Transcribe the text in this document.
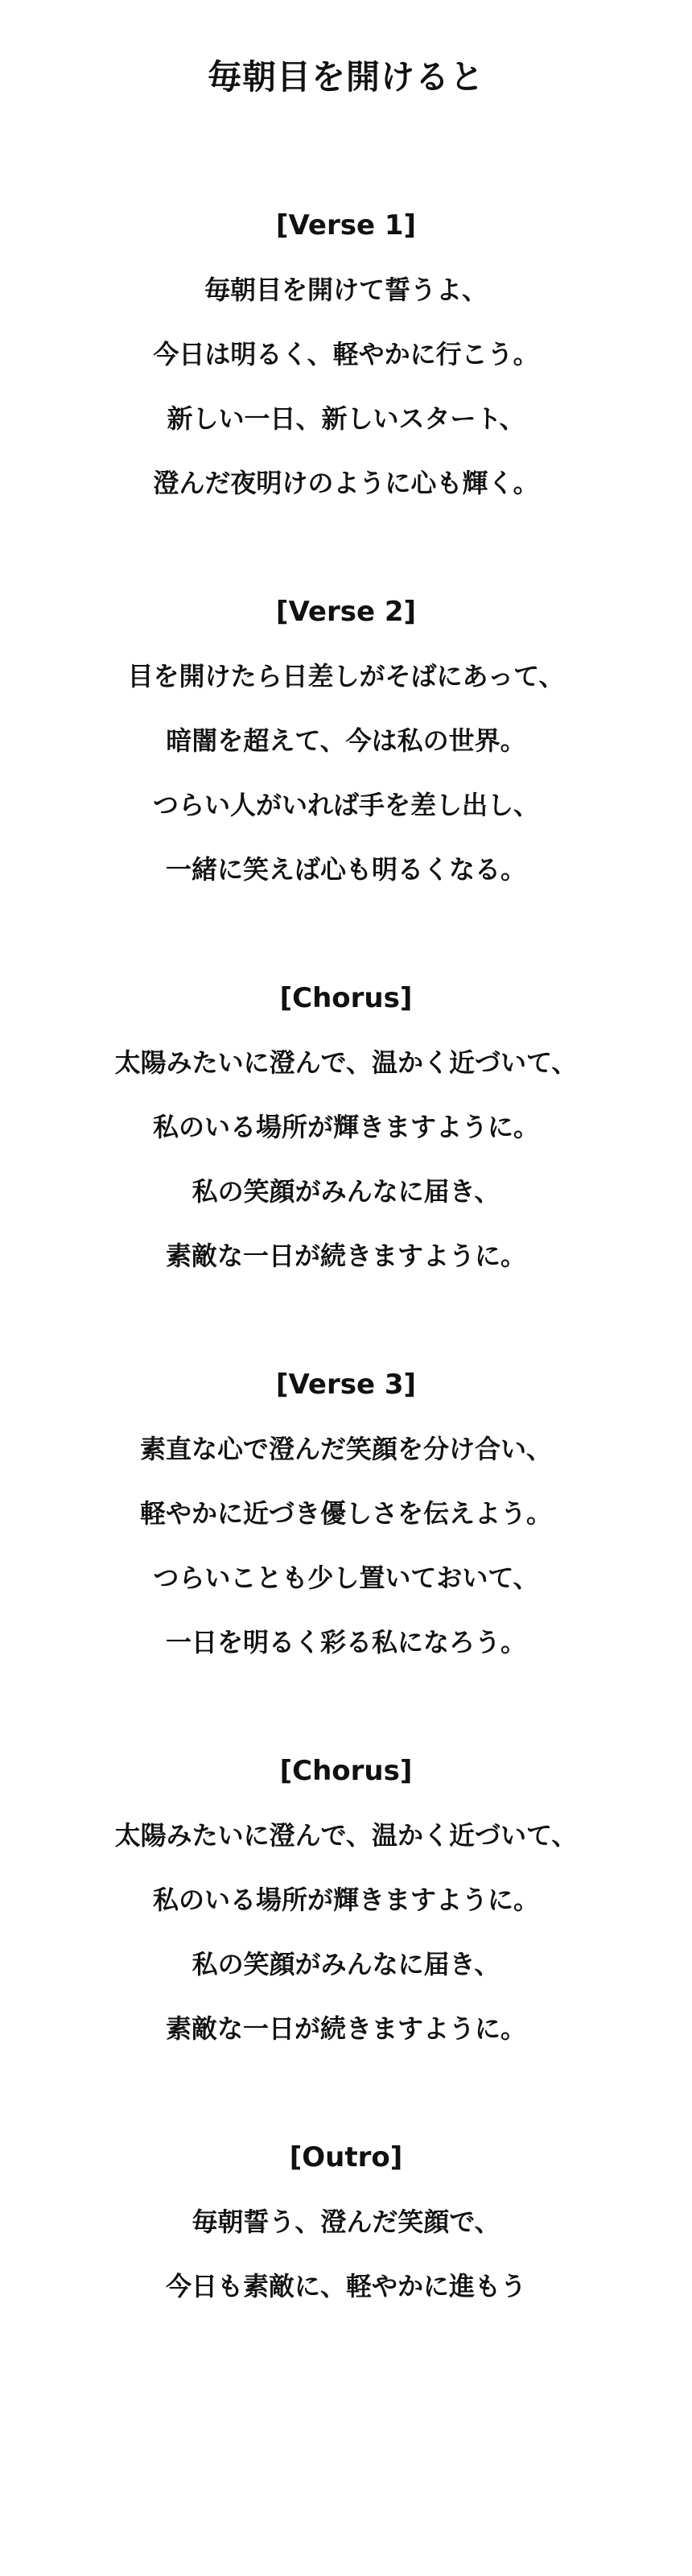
毎朝目を開けると

[Verse 1]

毎朝目を開けて誓うよ、

今日は明るく、軽やかに行こう。

新しい一日、新しいスタート、

澄んだ夜明けのように心も輝く。

[Verse 2]

目を開けたら日差しがそばにあって、

暗闇を超えて、今は私の世界。

つらい人がいれば手を差し出し、

一緒に笑えば心も明るくなる。

[Chorus]

太陽みたいに澄んで、温かく近づいて、

私のいる場所が輝きますように。

私の笑顔がみんなに届き、

素敵な一日が続きますように。

[Verse 3]

素直な心で澄んだ笑顔を分け合い、

軽やかに近づき優しさを伝えよう。

つらいことも少し置いておいて、

一日を明るく彩る私になろう。

[Chorus]

太陽みたいに澄んで、温かく近づいて、

私のいる場所が輝きますように。

私の笑顔がみんなに届き、

素敵な一日が続きますように。

[Outro]

毎朝誓う、澄んだ笑顔で、

今日も素敵に、軽やかに進もう
